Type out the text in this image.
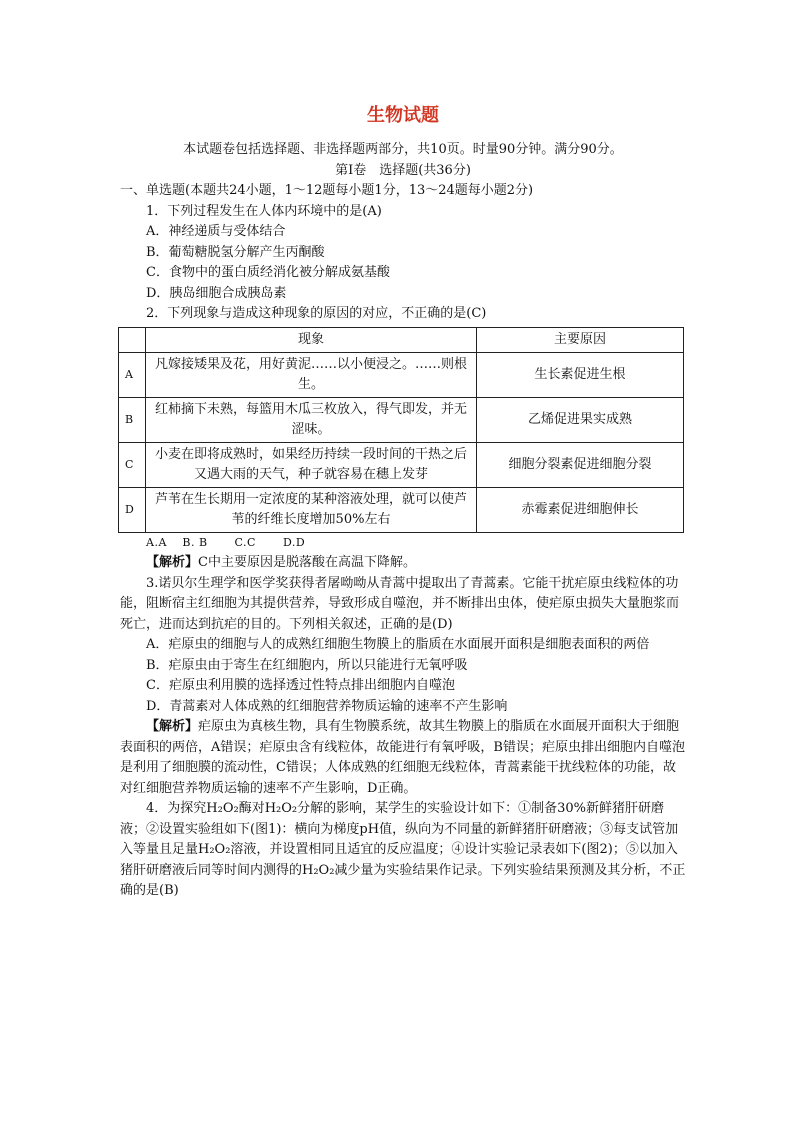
生物试题
本试题卷包括选择题、非选择题两部分，共10页。时量90分钟。满分90分。
第Ⅰ卷　选择题(共36分)
一、单选题(本题共24小题，1～12题每小题1分，13～24题每小题2分)
1．下列过程发生在人体内环境中的是(A)
A．神经递质与受体结合
B．葡萄糖脱氢分解产生丙酮酸
C．食物中的蛋白质经消化被分解成氨基酸
D．胰岛细胞合成胰岛素
2．下列现象与造成这种现象的原因的对应，不正确的是(C)
	现象	主要原因
A	凡嫁接矮果及花，用好黄泥……以小便浸之。……则根生。	生长素促进生根
B	红柿摘下未熟，每篮用木瓜三枚放入，得气即发，并无涩味。	乙烯促进果实成熟
C	小麦在即将成熟时，如果经历持续一段时间的干热之后又遇大雨的天气，种子就容易在穗上发芽	细胞分裂素促进细胞分裂
D	芦苇在生长期用一定浓度的某种溶液处理，就可以使芦苇的纤维长度增加50%左右	赤霉素促进细胞伸长
A.A　 B. B　　 C.C　　 D.D
【解析】C中主要原因是脱落酸在高温下降解。
3.诺贝尔生理学和医学奖获得者屠呦呦从青蒿中提取出了青蒿素。它能干扰疟原虫线粒体的功能，阻断宿主红细胞为其提供营养，导致形成自噬泡，并不断排出虫体，使疟原虫损失大量胞浆而死亡，进而达到抗疟的目的。下列相关叙述，正确的是(D)
A．疟原虫的细胞与人的成熟红细胞生物膜上的脂质在水面展开面积是细胞表面积的两倍
B．疟原虫由于寄生在红细胞内，所以只能进行无氧呼吸
C．疟原虫利用膜的选择透过性特点排出细胞内自噬泡
D．青蒿素对人体成熟的红细胞营养物质运输的速率不产生影响
【解析】疟原虫为真核生物，具有生物膜系统，故其生物膜上的脂质在水面展开面积大于细胞表面积的两倍，A错误；疟原虫含有线粒体，故能进行有氧呼吸，B错误；疟原虫排出细胞内自噬泡是利用了细胞膜的流动性，C错误；人体成熟的红细胞无线粒体，青蒿素能干扰线粒体的功能，故对红细胞营养物质运输的速率不产生影响，D正确。
4．为探究H₂O₂酶对H₂O₂分解的影响，某学生的实验设计如下：①制备30%新鲜猪肝研磨液；②设置实验组如下(图1)：横向为梯度pH值，纵向为不同量的新鲜猪肝研磨液；③每支试管加入等量且足量H₂O₂溶液，并设置相同且适宜的反应温度；④设计实验记录表如下(图2)；⑤以加入猪肝研磨液后同等时间内测得的H₂O₂减少量为实验结果作记录。下列实验结果预测及其分析，不正确的是(B)
